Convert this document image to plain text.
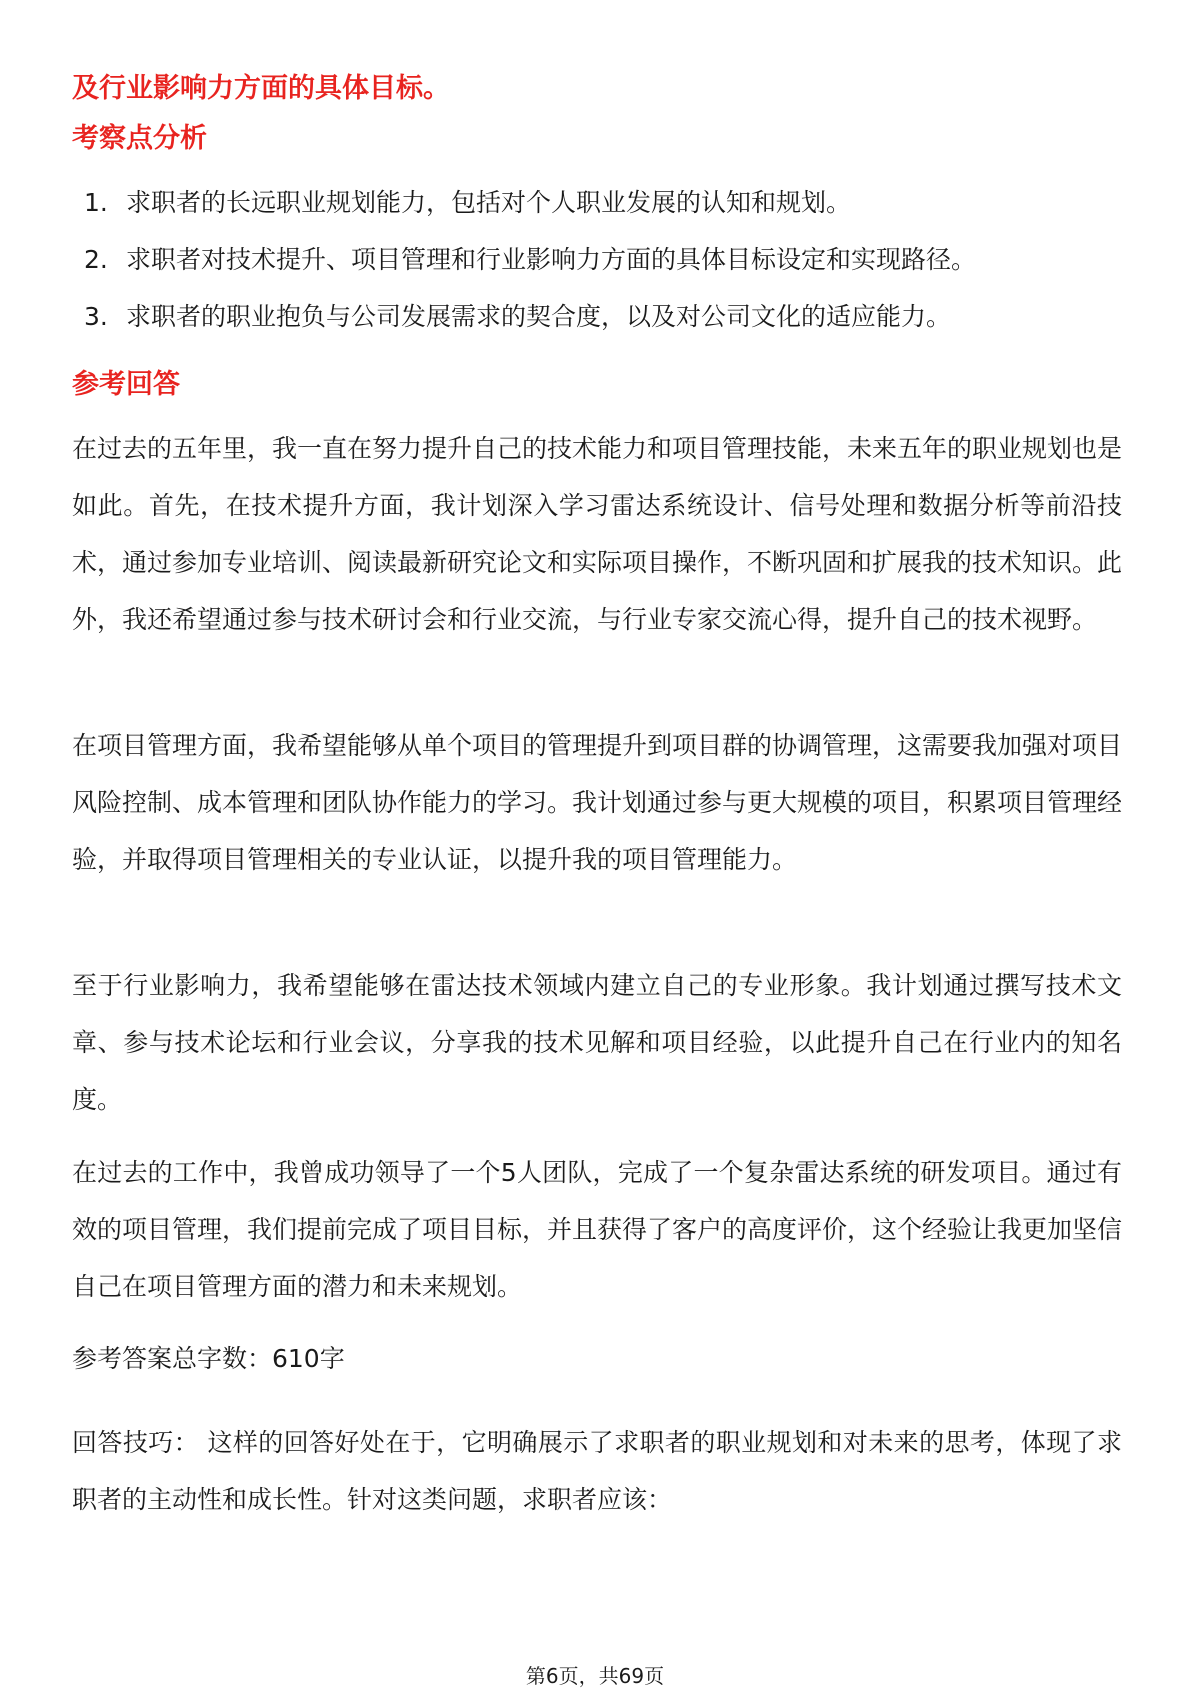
及行业影响力方面的具体目标。
考察点分析
1. 求职者的长远职业规划能力，包括对个人职业发展的认知和规划。
2. 求职者对技术提升、项目管理和行业影响力方面的具体目标设定和实现路径。
3. 求职者的职业抱负与公司发展需求的契合度，以及对公司文化的适应能力。
参考回答

在过去的五年里，我一直在努力提升自己的技术能力和项目管理技能，未来五年的职业规划也是如此。首先，在技术提升方面，我计划深入学习雷达系统设计、信号处理和数据分析等前沿技术，通过参加专业培训、阅读最新研究论文和实际项目操作，不断巩固和扩展我的技术知识。此外，我还希望通过参与技术研讨会和行业交流，与行业专家交流心得，提升自己的技术视野。

在项目管理方面，我希望能够从单个项目的管理提升到项目群的协调管理，这需要我加强对项目风险控制、成本管理和团队协作能力的学习。我计划通过参与更大规模的项目，积累项目管理经验，并取得项目管理相关的专业认证，以提升我的项目管理能力。

至于行业影响力，我希望能够在雷达技术领域内建立自己的专业形象。我计划通过撰写技术文章、参与技术论坛和行业会议，分享我的技术见解和项目经验，以此提升自己在行业内的知名度。

在过去的工作中，我曾成功领导了一个5人团队，完成了一个复杂雷达系统的研发项目。通过有效的项目管理，我们提前完成了项目目标，并且获得了客户的高度评价，这个经验让我更加坚信自己在项目管理方面的潜力和未来规划。

参考答案总字数：610字

回答技巧： 这样的回答好处在于，它明确展示了求职者的职业规划和对未来的思考，体现了求职者的主动性和成长性。针对这类问题，求职者应该：

第6页，共69页
